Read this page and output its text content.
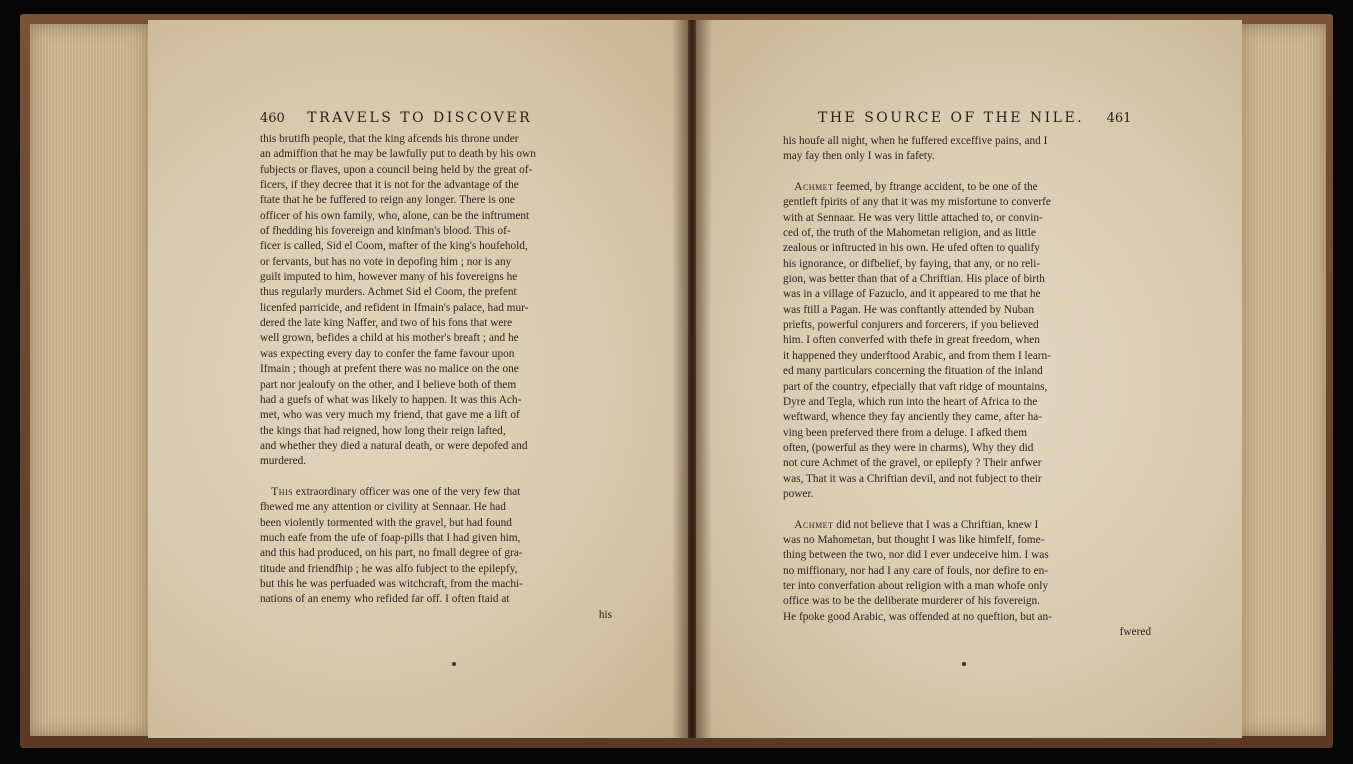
460 TRAVELS TO DISCOVER	THE SOURCE OF THE NILE. 461
this brutifh people, that the king afcends his throne under
an admiffion that he may be lawfully put to death by his own
fubjects or flaves, upon a council being held by the great of-
ficers, if they decree that it is not for the advantage of the
ftate that he be fuffered to reign any longer. There is one
officer of his own family, who, alone, can be the inftrument
of fhedding his fovereign and kinfman's blood. This of-
ficer is called, Sid el Coom, mafter of the king's houfehold,
or fervants, but has no vote in depofing him ; nor is any
guilt imputed to him, however many of his fovereigns he
thus regularly murders. Achmet Sid el Coom, the prefent
licenfed parricide, and refident in Ifmain's palace, had mur-
dered the late king Naffer, and two of his fons that were
well grown, befides a child at his mother's breaft ; and he
was expecting every day to confer the fame favour upon
Ifmain ; though at prefent there was no malice on the one
part nor jealoufy on the other, and I believe both of them
had a guefs of what was likely to happen. It was this Ach-
met, who was very much my friend, that gave me a lift of
the kings that had reigned, how long their reign lafted,
and whether they died a natural death, or were depofed and
murdered.
This extraordinary officer was one of the very few that
fhewed me any attention or civility at Sennaar. He had
been violently tormented with the gravel, but had found
much eafe from the ufe of foap-pills that I had given him,
and this had produced, on his part, no fmall degree of gra-
titude and friendfhip ; he was alfo fubject to the epilepfy,
but this he was perfuaded was witchcraft, from the machi-
nations of an enemy who refided far off. I often ftaid at
his
his houfe all night, when he fuffered exceffive pains, and I
may fay then only I was in fafety.
Achmet feemed, by ftrange accident, to be one of the
gentleft fpirits of any that it was my misfortune to converfe
with at Sennaar. He was very little attached to, or convin-
ced of, the truth of the Mahometan religion, and as little
zealous or inftructed in his own. He ufed often to qualify
his ignorance, or difbelief, by faying, that any, or no reli-
gion, was better than that of a Chriftian. His place of birth
was in a village of Fazuclo, and it appeared to me that he
was ftill a Pagan. He was conftantly attended by Nuban
priefts, powerful conjurers and forcerers, if you believed
him. I often converfed with thefe in great freedom, when
it happened they underftood Arabic, and from them I learn-
ed many particulars concerning the fituation of the inland
part of the country, efpecially that vaft ridge of mountains,
Dyre and Tegla, which run into the heart of Africa to the
weftward, whence they fay anciently they came, after ha-
ving been preferved there from a deluge. I afked them
often, (powerful as they were in charms), Why they did
not cure Achmet of the gravel, or epilepfy ? Their anfwer
was, That it was a Chriftian devil, and not fubject to their
power.
Achmet did not believe that I was a Chriftian, knew I
was no Mahometan, but thought I was like himfelf, fome-
thing between the two, nor did I ever undeceive him. I was
no miffionary, nor had I any care of fouls, nor defire to en-
ter into converfation about religion with a man whofe only
office was to be the deliberate murderer of his fovereign.
He fpoke good Arabic, was offended at no queftion, but an-
fwered
